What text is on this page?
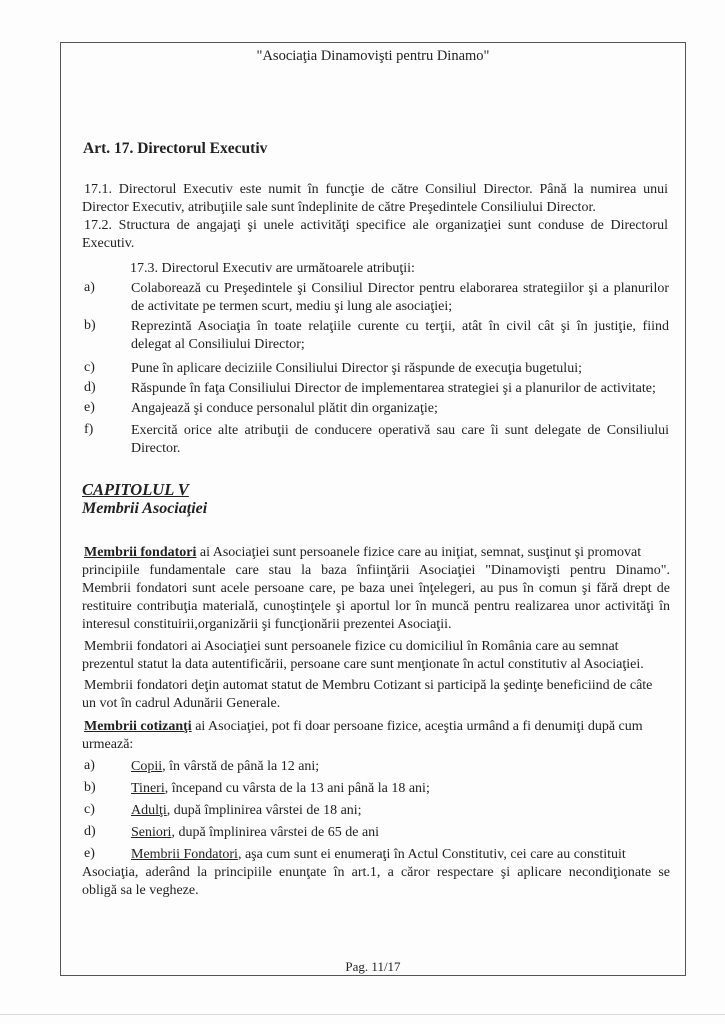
"Asociaţia Dinamovişti pentru Dinamo"
Art. 17. Directorul Executiv
17.1. Directorul Executiv este numit în funcţie de către Consiliul Director. Până la numirea unui
Director Executiv, atribuţiile sale sunt îndeplinite de către Preşedintele Consiliului Director.
17.2. Structura de angajaţi şi unele activităţi specifice ale organizaţiei sunt conduse de Directorul
Executiv.
17.3. Directorul Executiv are următoarele atribuţii:
a)	Colaborează cu Preşedintele şi Consiliul Director pentru elaborarea strategiilor şi a planurilor
de activitate pe termen scurt, mediu şi lung ale asociaţiei;
b)	Reprezintă Asociaţia în toate relaţiile curente cu terţii, atât în civil cât şi în justiţie, fiind
delegat al Consiliului Director;
c)	Pune în aplicare deciziile Consiliului Director şi răspunde de execuţia bugetului;
d)	Răspunde în faţa Consiliului Director de implementarea strategiei şi a planurilor de activitate;
e)	Angajează şi conduce personalul plătit din organizaţie;
f)	Exercită orice alte atribuţii de conducere operativă sau care îi sunt delegate de Consiliului
Director.
CAPITOLUL V
Membrii Asociaţiei
Membrii fondatori ai Asociaţiei sunt persoanele fizice care au iniţiat, semnat, susţinut şi promovat
principiile fundamentale care stau la baza înfiinţării Asociaţiei "Dinamovişti pentru Dinamo".
Membrii fondatori sunt acele persoane care, pe baza unei înţelegeri, au pus în comun şi fără drept de
restituire contribuţia materială, cunoştinţele şi aportul lor în muncă pentru realizarea unor activităţi în
interesul constituirii,organizării şi funcţionării prezentei Asociaţii.
Membrii fondatori ai Asociaţiei sunt persoanele fizice cu domiciliul în România care au semnat
prezentul statut la data autentificării, persoane care sunt menţionate în actul constitutiv al Asociaţiei.
Membrii fondatori deţin automat statut de Membru Cotizant si participă la şedinţe beneficiind de câte
un vot în cadrul Adunării Generale.
Membrii cotizanţi ai Asociaţiei, pot fi doar persoane fizice, aceştia urmând a fi denumiţi după cum
urmează:
a)	Copii, în vârstă de până la 12 ani;
b)	Tineri, începand cu vârsta de la 13 ani până la 18 ani;
c)	Adulţi, după împlinirea vârstei de 18 ani;
d)	Seniori, după împlinirea vârstei de 65 de ani
e)	Membrii Fondatori, aşa cum sunt ei enumeraţi în Actul Constitutiv, cei care au constituit
Asociaţia, aderând la principiile enunţate în art.1, a căror respectare şi aplicare necondiţionate se
obligă sa le vegheze.
Pag. 11/17
